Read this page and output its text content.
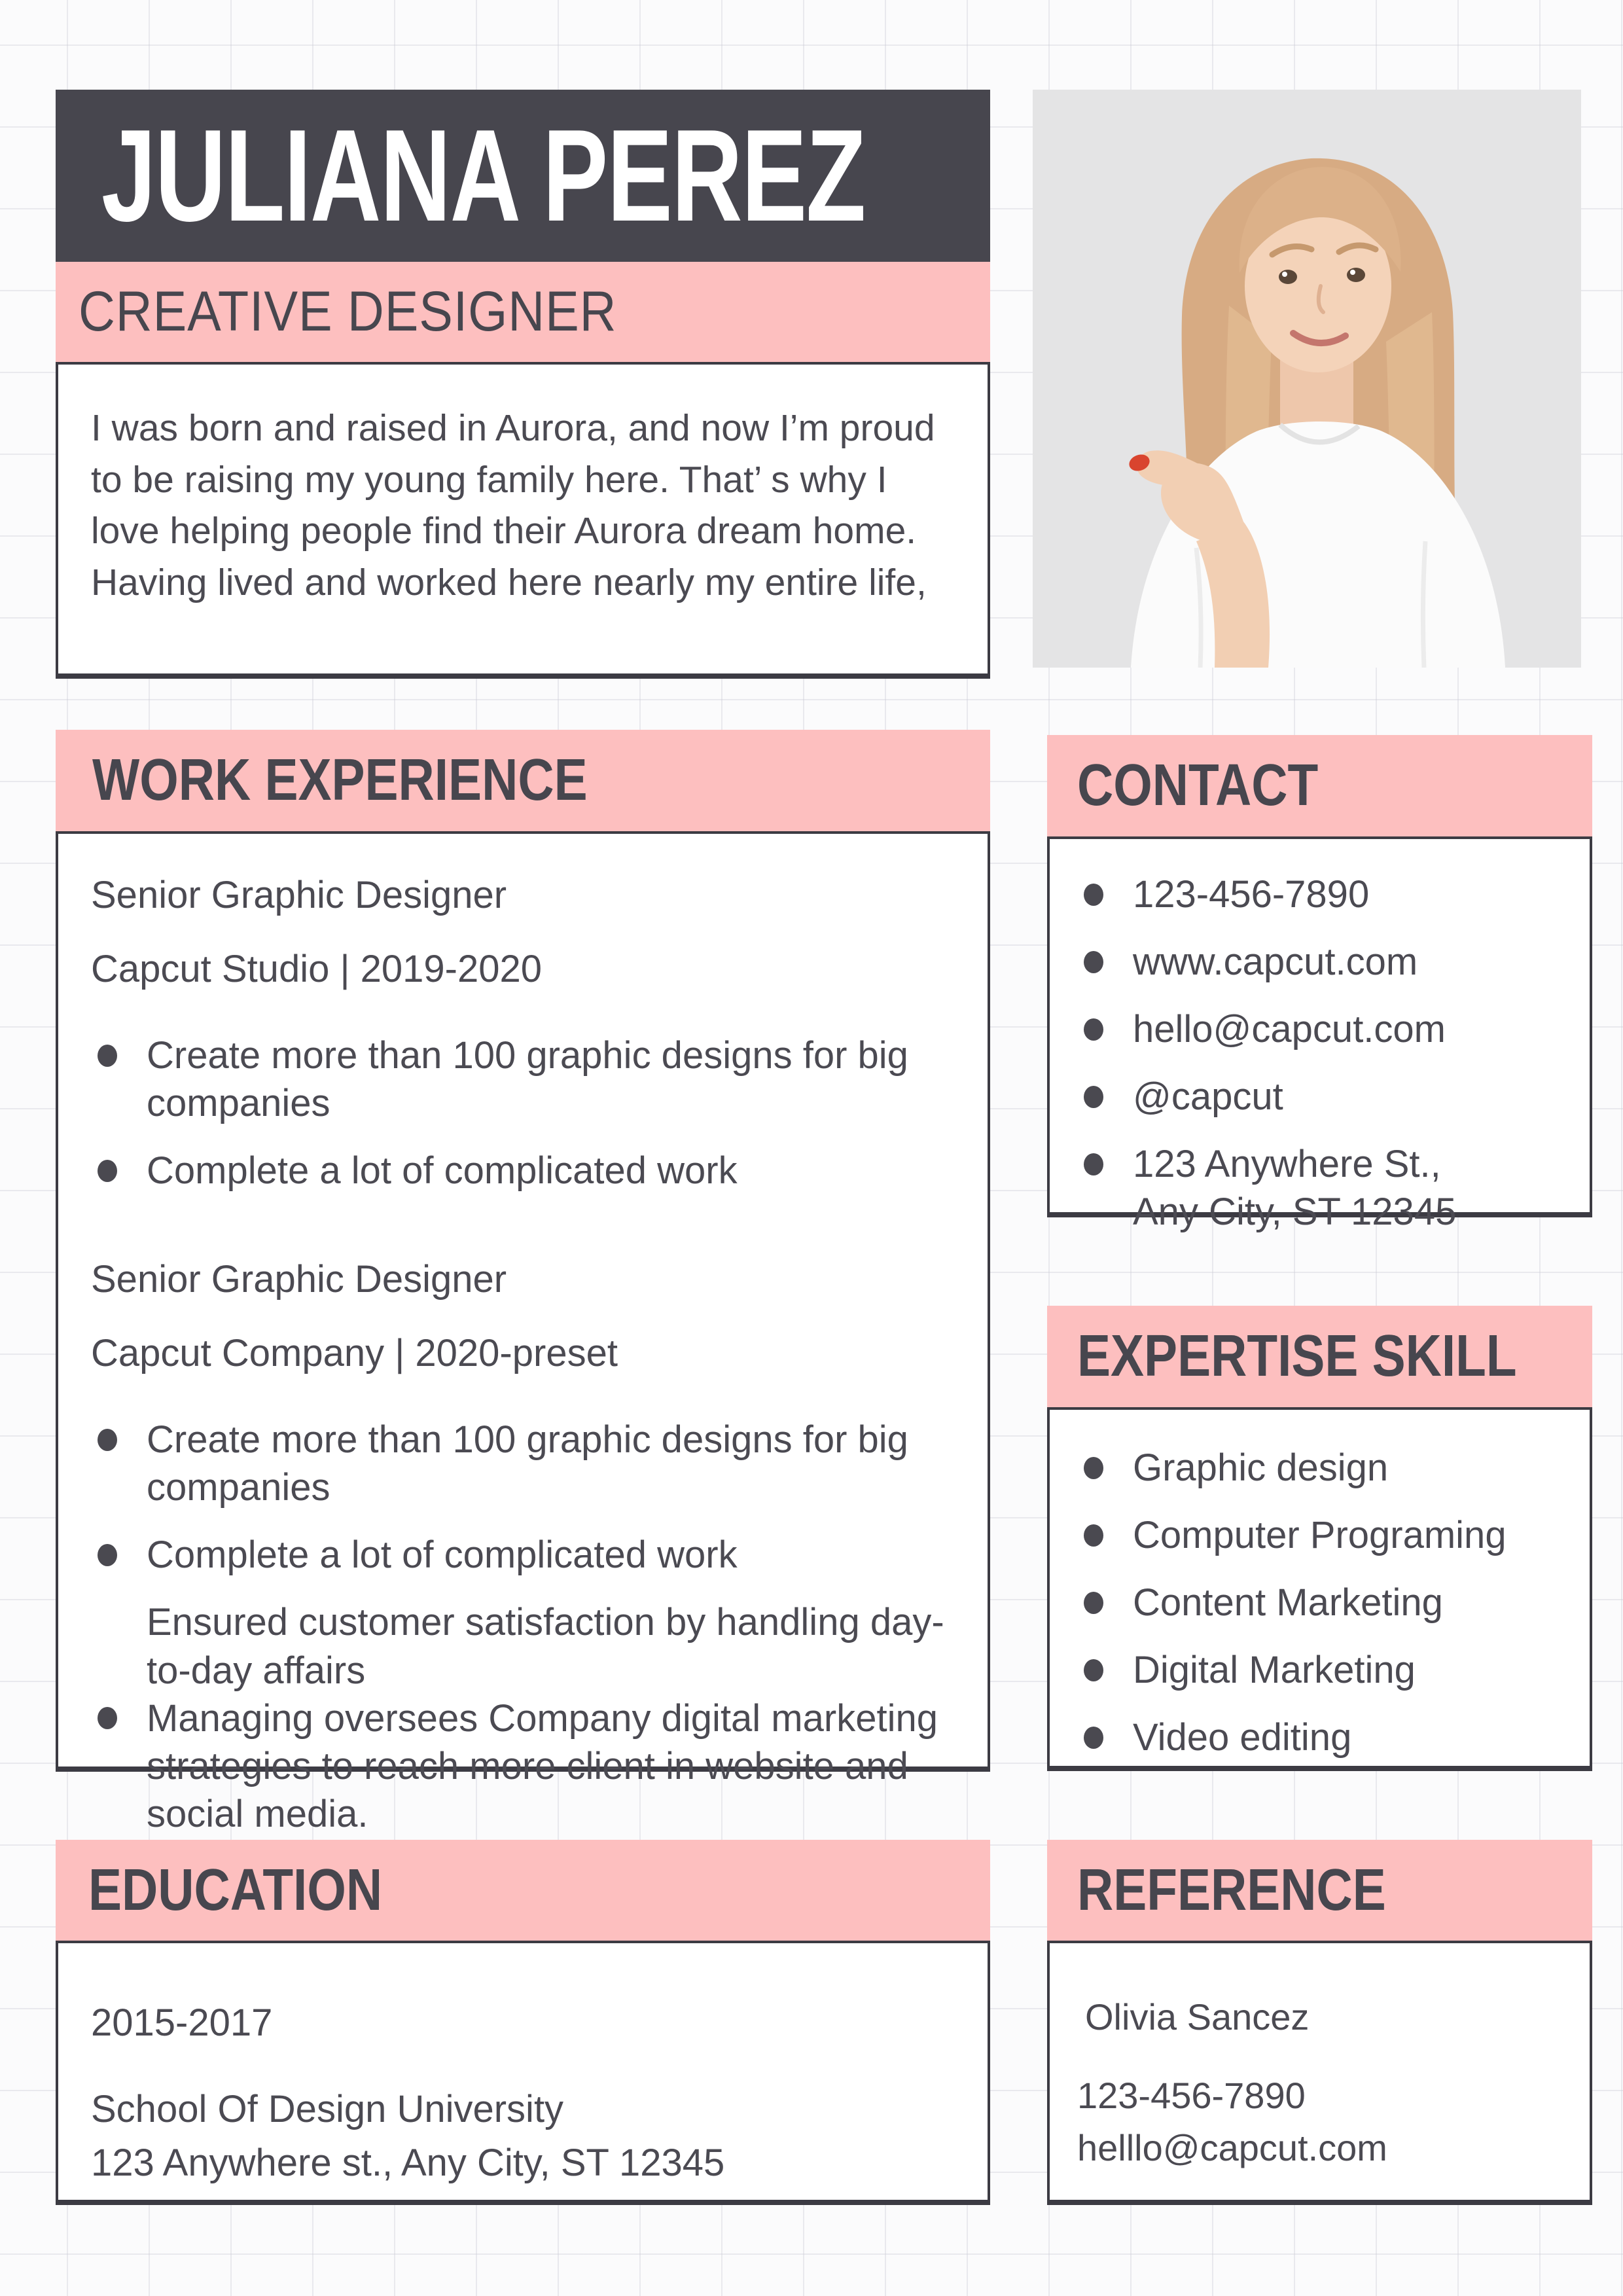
JULIANA PEREZ
CREATIVE DESIGNER
I was born and raised in Aurora, and now I’m proud to be raising my young family here. That’ s why I love helping people find their Aurora dream home. Having lived and worked here nearly my entire life,
WORK EXPERIENCE

Senior Graphic Designer

Capcut Studio | 2019-2020

Create more than 100 graphic designs for big companies
Complete a lot of complicated work

Senior Graphic Designer

Capcut Company | 2020-preset

Create more than 100 graphic designs for big companies
Complete a lot of complicated work
Ensured customer satisfaction by handling day-to-day affairs
Managing oversees Company digital marketing strategies to reach more client in website and social media.
CONTACT
123-456-7890
www.capcut.com
hello@capcut.com
@capcut
123 Anywhere St.,
Any City, ST 12345
EXPERTISE SKILL
Graphic design
Computer Programing
Content Marketing
Digital Marketing
Video editing
EDUCATION

2015-2017

School Of Design University
123 Anywhere st., Any City, ST 12345

REFERENCE

Olivia Sancez

123-456-7890
helllo@capcut.com
